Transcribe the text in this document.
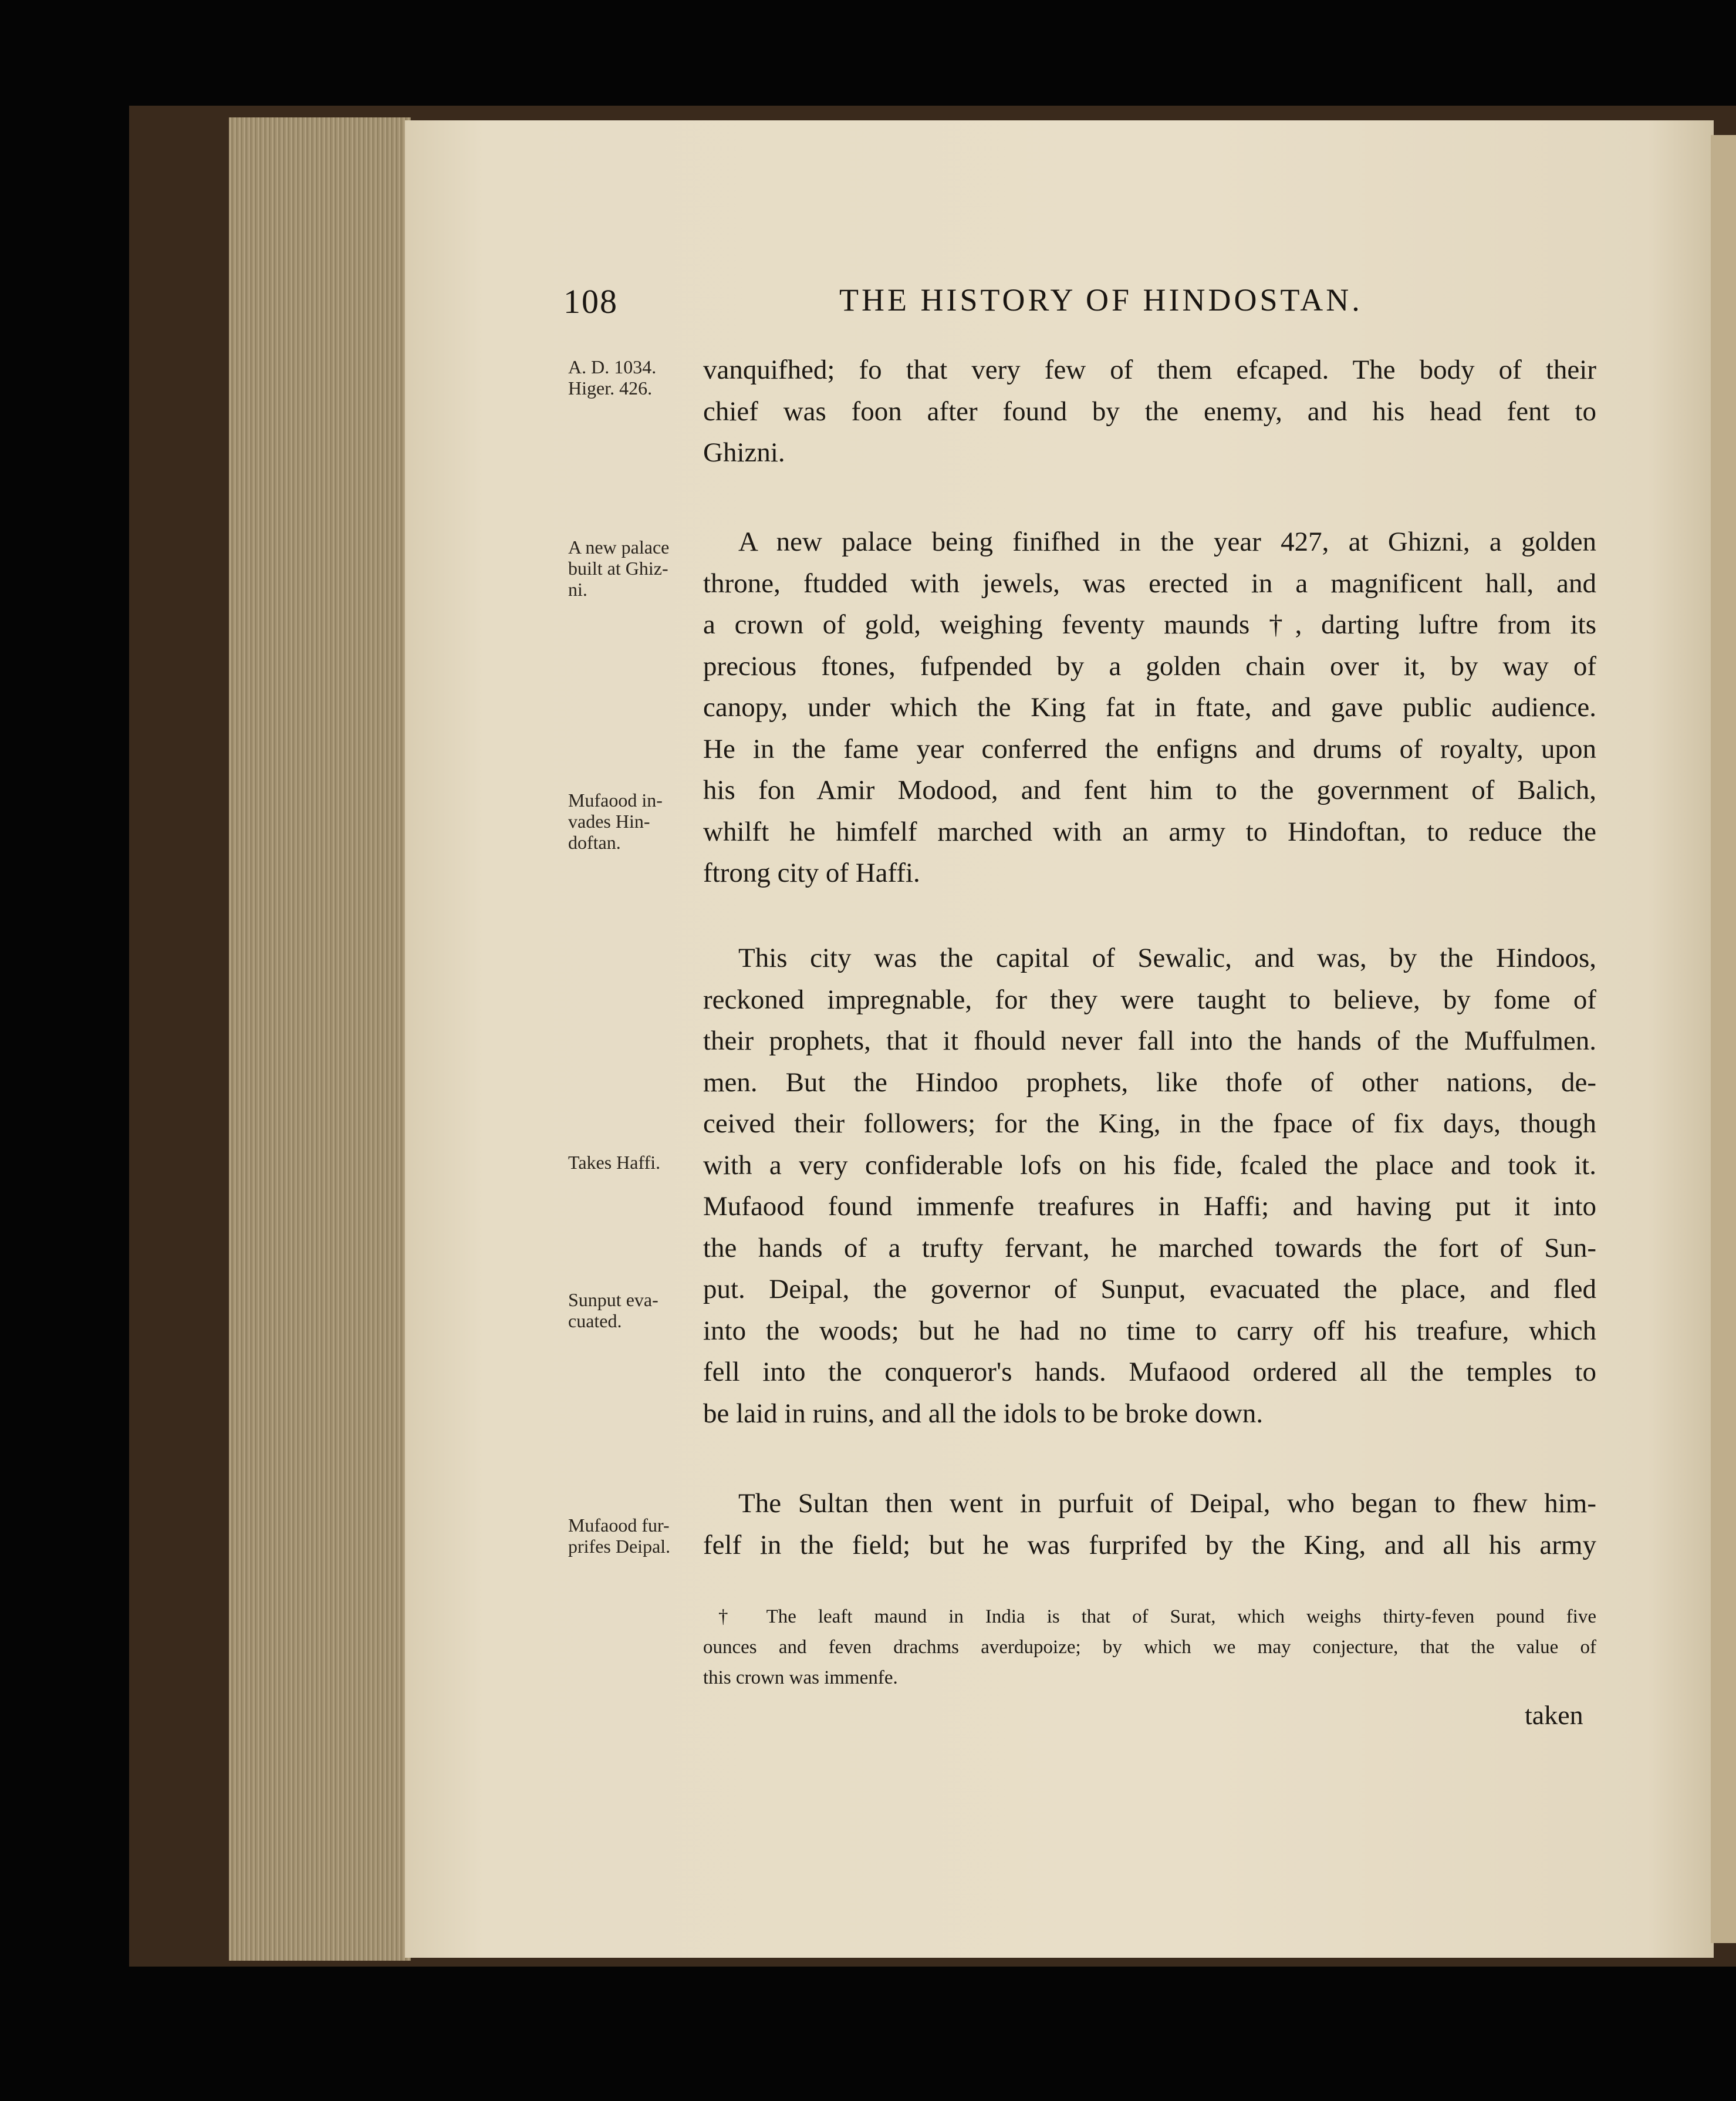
108	THE HISTORY OF HINDOSTAN.
A. D. 1034.
Higer. 426.
A new palace
built at Ghiz-
ni.
Mufaood in-
vades Hin-
doftan.
Takes Haffi.
Sunput eva-
cuated.
Mufaood fur-
prifes Deipal.
vanquifhed; fo that very few of them efcaped. The body of their
chief was foon after found by the enemy, and his head fent to
Ghizni.
A new palace being finifhed in the year 427, at Ghizni, a golden
throne, ftudded with jewels, was erected in a magnificent hall, and
a crown of gold, weighing feventy maunds †, darting luftre from its
precious ftones, fufpended by a golden chain over it, by way of
canopy, under which the King fat in ftate, and gave public audience.
He in the fame year conferred the enfigns and drums of royalty, upon
his fon Amir Modood, and fent him to the government of Balich,
whilft he himfelf marched with an army to Hindoftan, to reduce the
ftrong city of Haffi.
This city was the capital of Sewalic, and was, by the Hindoos,
reckoned impregnable, for they were taught to believe, by fome of
their prophets, that it fhould never fall into the hands of the Muffulmen.
men. But the Hindoo prophets, like thofe of other nations, de-
ceived their followers; for the King, in the fpace of fix days, though
with a very confiderable lofs on his fide, fcaled the place and took it.
Mufaood found immenfe treafures in Haffi; and having put it into
the hands of a trufty fervant, he marched towards the fort of Sun-
put. Deipal, the governor of Sunput, evacuated the place, and fled
into the woods; but he had no time to carry off his treafure, which
fell into the conqueror's hands. Mufaood ordered all the temples to
be laid in ruins, and all the idols to be broke down.
The Sultan then went in purfuit of Deipal, who began to fhew him-
felf in the field; but he was furprifed by the King, and all his army
† The leaft maund in India is that of Surat, which weighs thirty-feven pound five
ounces and feven drachms averdupoize; by which we may conjecture, that the value of
this crown was immenfe.
taken
